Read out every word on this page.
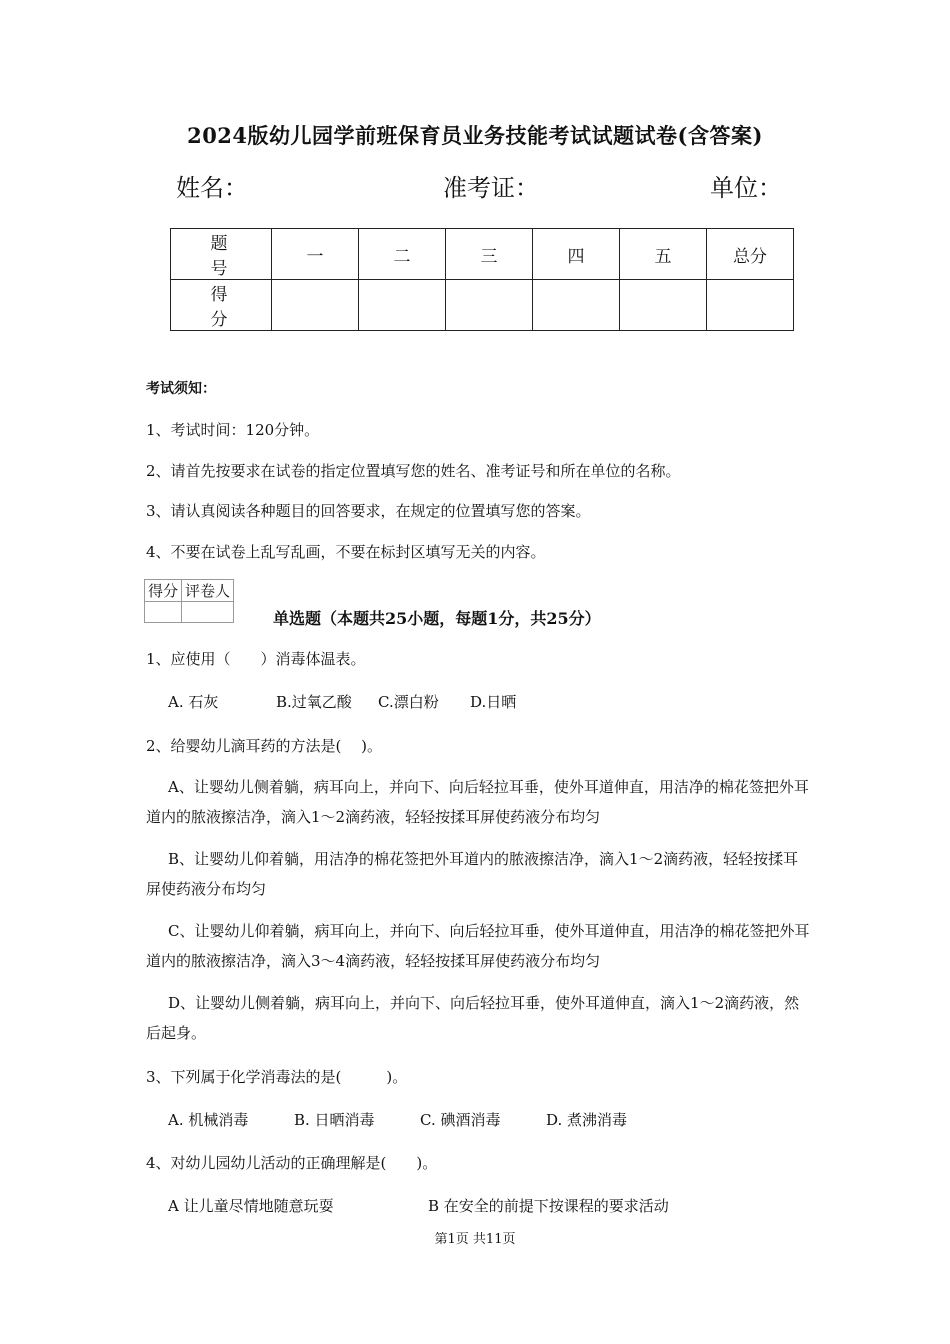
2024版幼儿园学前班保育员业务技能考试试题试卷(含答案)
姓名：	准考证：	单位：
题 号	一	二	三	四	五	总分
得 分						
考试须知：
1、考试时间：120分钟。
2、请首先按要求在试卷的指定位置填写您的姓名、准考证号和所在单位的名称。
3、请认真阅读各种题目的回答要求，在规定的位置填写您的答案。
4、不要在试卷上乱写乱画，不要在标封区填写无关的内容。
得分	评卷人

单选题（本题共25小题，每题1分，共25分）
1、应使用（　　）消毒体温表。
A. 石灰	B.过氧乙酸 C.漂白粉 D.日晒
2、给婴幼儿滴耳药的方法是(　 )。
A、让婴幼儿侧着躺，病耳向上，并向下、向后轻拉耳垂，使外耳道伸直，用洁净的棉花签把外耳道内的脓液擦洁净，滴入1～2滴药液，轻轻按揉耳屏使药液分布均匀
B、让婴幼儿仰着躺，用洁净的棉花签把外耳道内的脓液擦洁净，滴入1～2滴药液，轻轻按揉耳屏使药液分布均匀
C、让婴幼儿仰着躺，病耳向上，并向下、向后轻拉耳垂，使外耳道伸直，用洁净的棉花签把外耳道内的脓液擦洁净，滴入3～4滴药液，轻轻按揉耳屏使药液分布均匀
D、让婴幼儿侧着躺，病耳向上，并向下、向后轻拉耳垂，使外耳道伸直，滴入1～2滴药液，然后起身。
3、下列属于化学消毒法的是(　　　)。
A. 机械消毒	B. 日晒消毒	C. 碘酒消毒	D. 煮沸消毒
4、对幼儿园幼儿活动的正确理解是(　　)。
A 让儿童尽情地随意玩耍	B 在安全的前提下按课程的要求活动
第1页 共11页
